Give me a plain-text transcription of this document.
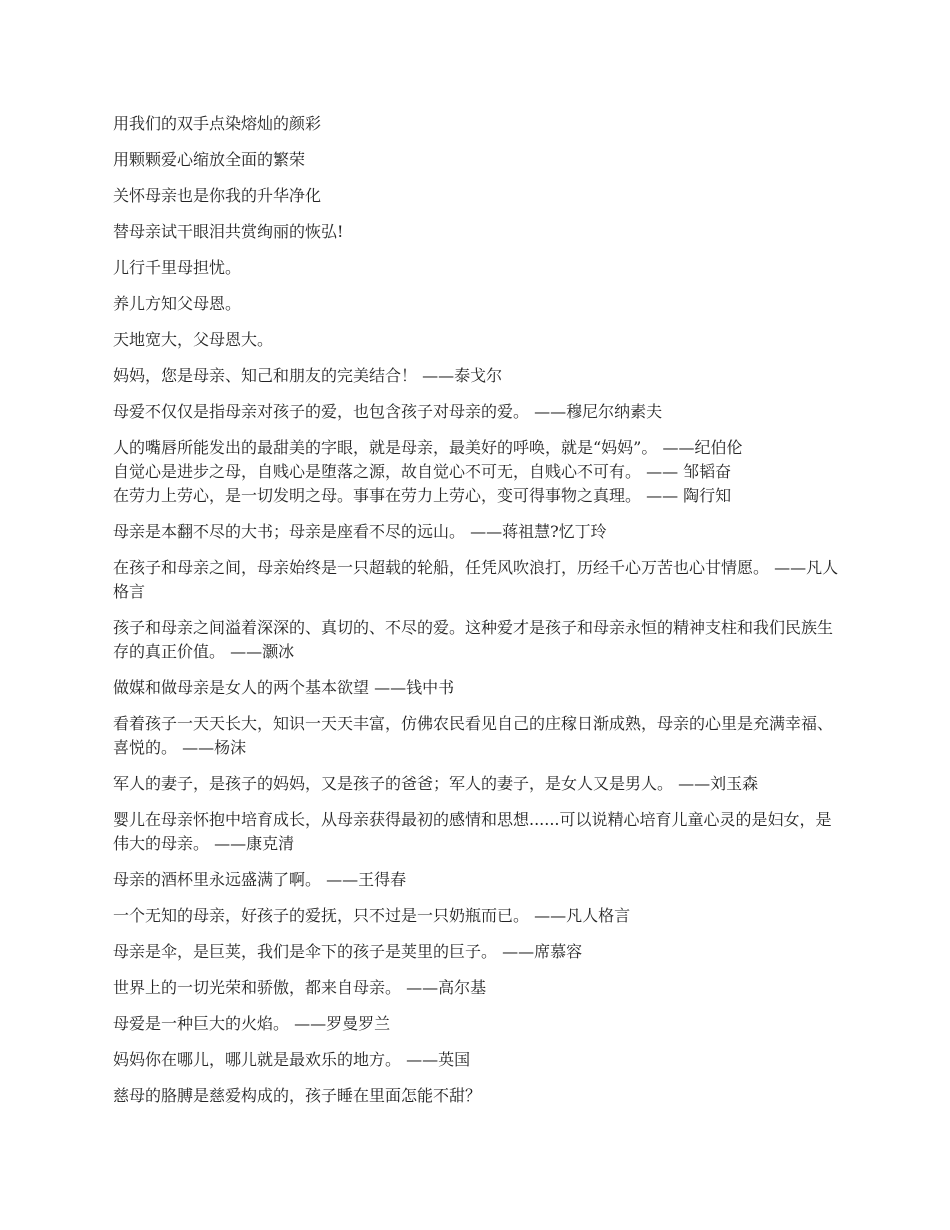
用我们的双手点染熔灿的颜彩

用颗颗爱心缩放全面的繁荣

关怀母亲也是你我的升华净化

替母亲试干眼泪共赏绚丽的恢弘!

儿行千里母担忧。

养儿方知父母恩。

天地宽大，父母恩大。

妈妈，您是母亲、知己和朋友的完美结合！ ——泰戈尔

母爱不仅仅是指母亲对孩子的爱，也包含孩子对母亲的爱。 ——穆尼尔纳素夫

人的嘴唇所能发出的最甜美的字眼，就是母亲，最美好的呼唤，就是“妈妈”。 ——纪伯伦

自觉心是进步之母，自贱心是堕落之源，故自觉心不可无，自贱心不可有。 —— 邹韬奋

在劳力上劳心，是一切发明之母。事事在劳力上劳心，变可得事物之真理。 —— 陶行知

母亲是本翻不尽的大书；母亲是座看不尽的远山。 ——蒋祖慧?忆丁玲

在孩子和母亲之间，母亲始终是一只超载的轮船，任凭风吹浪打，历经千心万苦也心甘情愿。 ——凡人格言

孩子和母亲之间溢着深深的、真切的、不尽的爱。这种爱才是孩子和母亲永恒的精神支柱和我们民族生存的真正价值。 ——灏冰

做媒和做母亲是女人的两个基本欲望 ——钱中书

看着孩子一天天长大，知识一天天丰富，仿佛农民看见自己的庄稼日渐成熟，母亲的心里是充满幸福、喜悦的。 ——杨沫

军人的妻子，是孩子的妈妈，又是孩子的爸爸；军人的妻子，是女人又是男人。 ——刘玉森

婴儿在母亲怀抱中培育成长，从母亲获得最初的感情和思想......可以说精心培育儿童心灵的是妇女，是伟大的母亲。 ——康克清

母亲的酒杯里永远盛满了啊。 ——王得春

一个无知的母亲，好孩子的爱抚，只不过是一只奶瓶而已。 ——凡人格言

母亲是伞，是巨荚，我们是伞下的孩子是荚里的巨子。 ——席慕容

世界上的一切光荣和骄傲，都来自母亲。 ——高尔基

母爱是一种巨大的火焰。 ——罗曼罗兰

妈妈你在哪儿，哪儿就是最欢乐的地方。 ——英国

慈母的胳膊是慈爱构成的，孩子睡在里面怎能不甜？
